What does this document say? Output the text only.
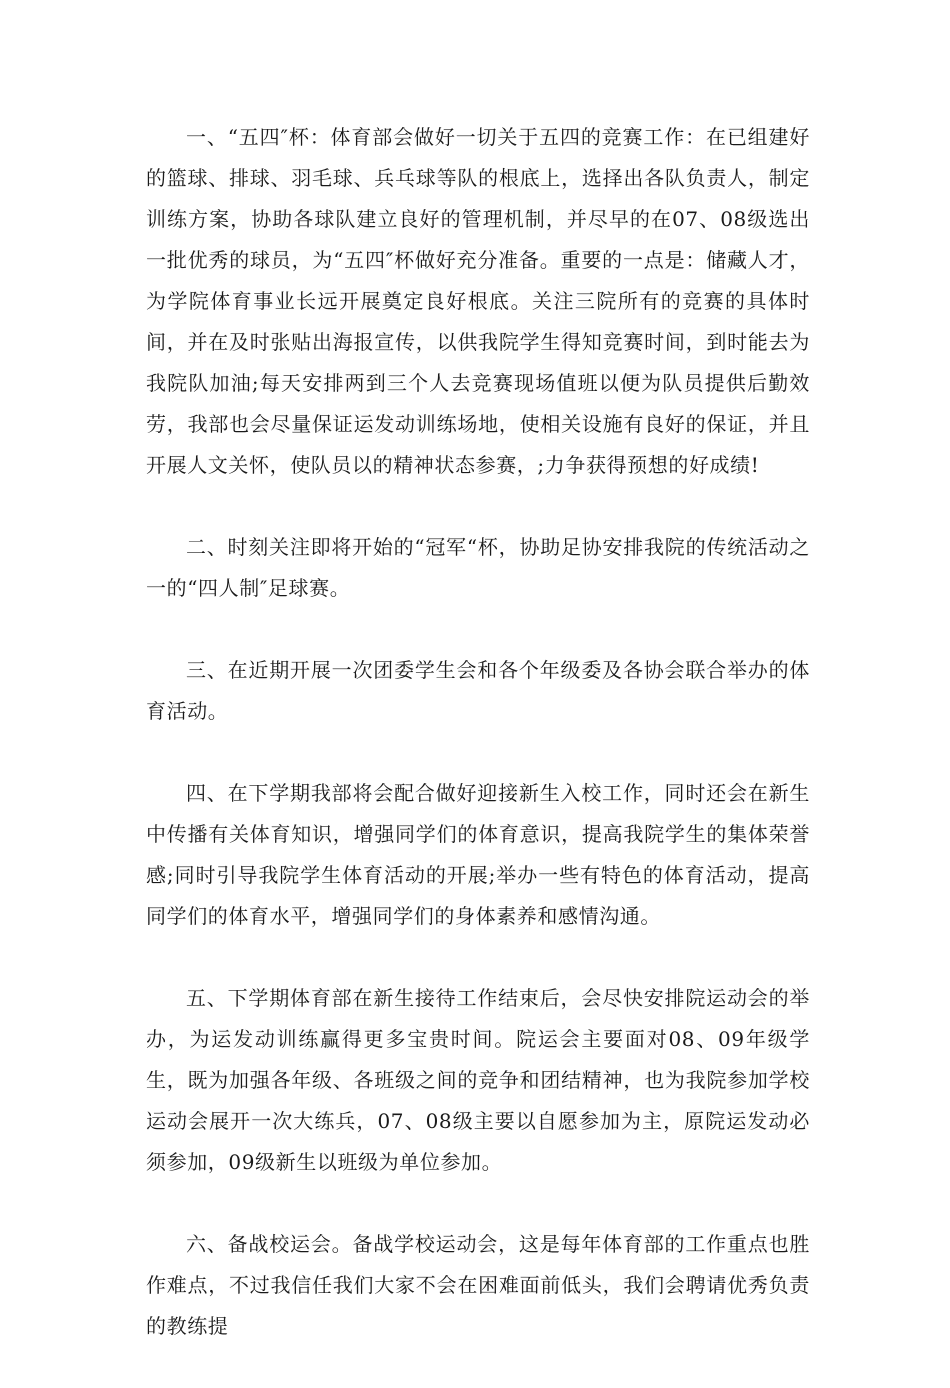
一、“五四″杯：体育部会做好一切关于五四的竞赛工作：在已组建好的篮球、排球、羽毛球、兵乓球等队的根底上，选择出各队负责人，制定训练方案，协助各球队建立良好的管理机制，并尽早的在07、08级选出一批优秀的球员，为“五四″杯做好充分准备。重要的一点是：储藏人才，为学院体育事业长远开展奠定良好根底。关注三院所有的竞赛的具体时间，并在及时张贴出海报宣传，以供我院学生得知竞赛时间，到时能去为我院队加油;每天安排两到三个人去竞赛现场值班以便为队员提供后勤效劳，我部也会尽量保证运发动训练场地，使相关设施有良好的保证，并且开展人文关怀，使队员以的精神状态参赛，;力争获得预想的好成绩!

二、时刻关注即将开始的“冠军“杯，协助足协安排我院的传统活动之一的“四人制″足球赛。

三、在近期开展一次团委学生会和各个年级委及各协会联合举办的体育活动。

四、在下学期我部将会配合做好迎接新生入校工作，同时还会在新生中传播有关体育知识，增强同学们的体育意识，提高我院学生的集体荣誉感;同时引导我院学生体育活动的开展;举办一些有特色的体育活动，提高同学们的体育水平，增强同学们的身体素养和感情沟通。

五、下学期体育部在新生接待工作结束后，会尽快安排院运动会的举办，为运发动训练赢得更多宝贵时间。院运会主要面对08、09年级学生，既为加强各年级、各班级之间的竞争和团结精神，也为我院参加学校运动会展开一次大练兵，07、08级主要以自愿参加为主，原院运发动必须参加，09级新生以班级为单位参加。

六、备战校运会。备战学校运动会，这是每年体育部的工作重点也胜作难点，不过我信任我们大家不会在困难面前低头，我们会聘请优秀负责的教练提
